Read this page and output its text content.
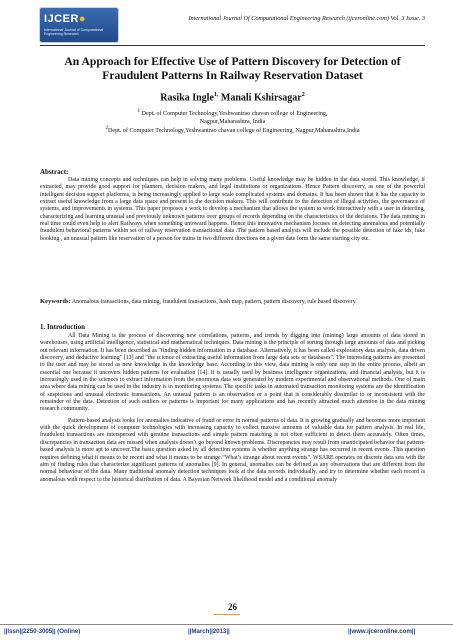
IJCER●
International Journal of Computational Engineering Research
International Journal Of Computational Engineering Research (ijceronline.com) Vol. 3 Issue. 3
An Approach for Effective Use of Pattern Discovery for Detection of Fraudulent Patterns In Railway Reservation Dataset
Rasika Ingle$^{1,}$ Manali Kshirsagar$^2$
$^1$ Dept. of Computer Technology,Yeshwantrao chavan college of Engineering,
Nagpur,Maharashtra, India
$^2$Dept. of Computer Technology,Yeshwantrao chavan college of Engineering, Nagpur,Maharashtra,India
Abstract:

Data mining concepts and techniques can help in solving many problems. Useful knowledge may be hidden in the data stored. This knowledge, if extracted, may provide good support for planners, decision makers, and legal institutions or organizations. Hence Pattern discovery, as one of the powerful intelligent decision support platforms, is being increasingly applied to large scale complicated systems and domains. It has been shown that it has the capacity to extract useful knowledge from a large data space and present to the decision makers. This will contribute to the detection of illegal activities, the governance of systems, and improvements in systems. This paper proposes a work to develop a mechanism that allows the system to work interactively with a user in detecting, characterizing and learning unusual and previously unknown patterns over groups of records depending on the characteristics of the decisions. The data mining in real time could even help to alert Railways when something untoward happens. Hence this innovative mechanism focuses on detecting anomalous and potentially fraudulent behavioral patterns within set of railway reservation transactional data .The pattern based analysis will include the possible detection of fake ids, fake booking , an unusual pattern like reservation of a person for trains in two different directions on a given date form the same starting city etc.

Keywords: Anomalous transactions, data mining, fraudulent transactions, hash map, pattern, pattern discovery, rule based discovery.

1. Introduction

All Data Mining is the process of discovering new correlations, patterns, and trends by digging into (mining) large amounts of data stored in warehouses, using artificial intelligence, statistical and mathematical techniques. Data mining is the principle of sorting through large amounts of data and picking out relevant information. It has been described as "finding hidden information in a database. Alternatively, it has been called exploratory data analysis, data driven discovery, and deductive learning" [13] and "the science of extracting useful information from large data sets or databases". The interesting patterns are presented to the user and may be stored as new knowledge in the knowledge base. According to this view, data mining is only one step in the entire process, albeit an essential one because it uncovers hidden patterns for evaluation [14]. It is usually used by business intelligence organizations, and financial analysts, but it is increasingly used in the sciences to extract information from the enormous data sets generated by modern experimental and observational methods. One of main area where data mining can be used in the industry is in monitoring systems. The specific tasks in automated transaction monitoring systems are the identification of suspicious and unusual electronic transactions. An unusual pattern is an observation or a point that is considerably dissimilar to or inconsistent with the remainder of the data. Detection of such outliers or patterns is important for many applications and has recently attracted much attention in the data mining research community.

Pattern-based analysis looks for anomalies indicative of fraud or error in normal patterns of data. It is growing gradually and becomes more important with the quick development of computer technologies with increasing capacity to collect massive amounts of valuable data for pattern analysis. In real life, fraudulent transactions are interspersed with genuine transactions and simple pattern matching is not often sufficient to detect them accurately. Often times, discrepancies in transaction data are missed when analysis doesn’t go beyond known problems. Discrepancies may result from unanticipated behavior that pattern-based analysis is more apt to uncover.The basic question asked by all detection systems is whether anything strange has occurred in recent events. This question requires defining what it means to be recent and what it means to be strange.“What’s strange about recent events”. WSARE operates on discrete data sets with the aim of finding rules that characterize significant patterns of anomalies [9]. In general, anomalies can be defined as any observations that are different from the normal behaviour of the data. Many traditional anomaly detection techniques look at the data records individually, and try to determine whether each record is anomalous with respect to the historical distribution of data. A Bayesian Network likelihood model and a conditional anomaly

26
||Issn||2250-3005|| (Online)	||March||2013||	||www.ijceronline.com||
